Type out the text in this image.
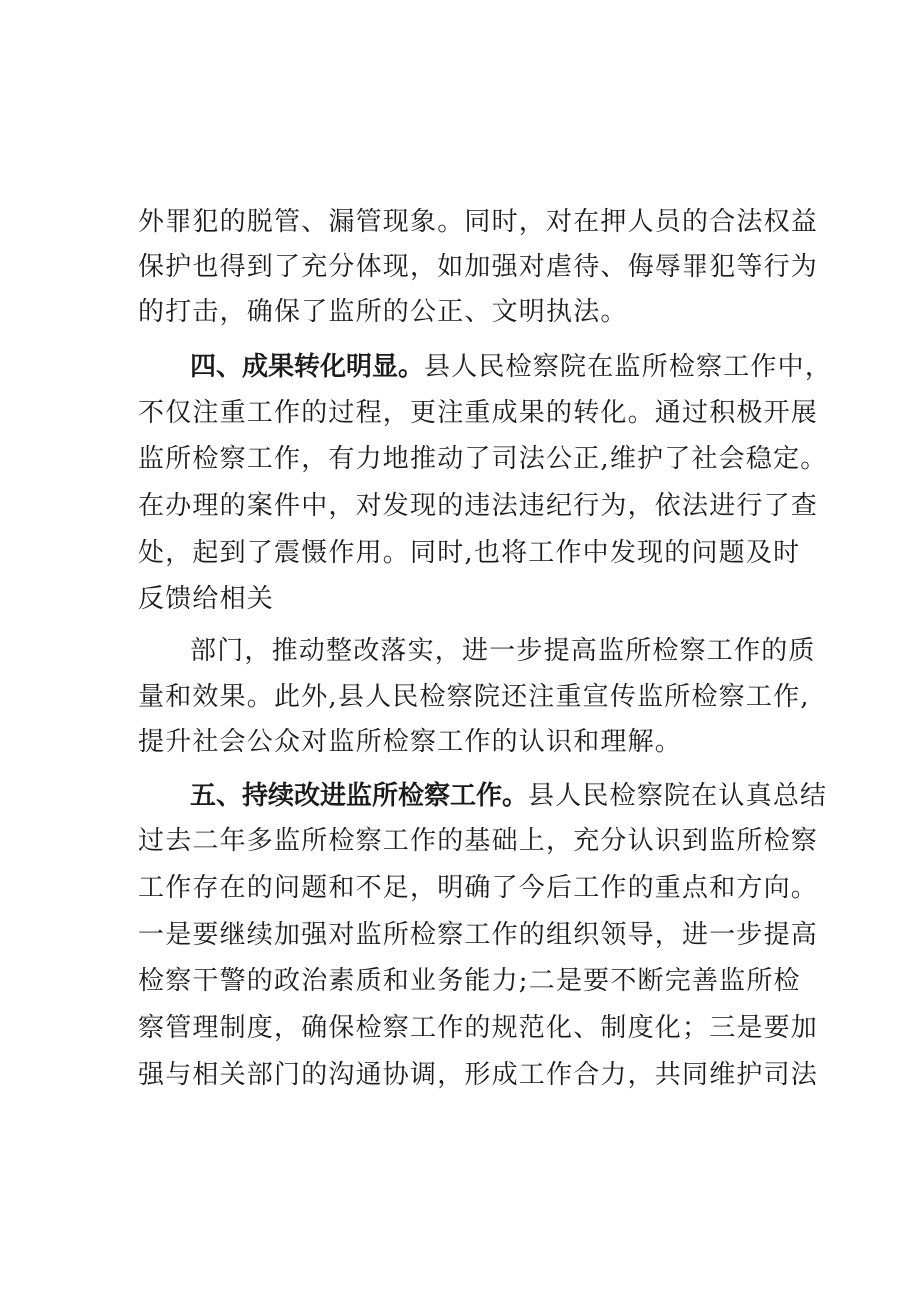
外罪犯的脱管、漏管现象。同时，对在押人员的合法权益
保护也得到了充分体现，如加强对虐待、侮辱罪犯等行为
的打击，确保了监所的公正、文明执法。
四、成果转化明显。县人民检察院在监所检察工作中，
不仅注重工作的过程，更注重成果的转化。通过积极开展
监所检察工作，有力地推动了司法公正,维护了社会稳定。
在办理的案件中，对发现的违法违纪行为，依法进行了查
处，起到了震慑作用。同时,也将工作中发现的问题及时
反馈给相关
部门，推动整改落实，进一步提高监所检察工作的质
量和效果。此外,县人民检察院还注重宣传监所检察工作,
提升社会公众对监所检察工作的认识和理解。
五、持续改进监所检察工作。县人民检察院在认真总结
过去二年多监所检察工作的基础上，充分认识到监所检察
工作存在的问题和不足，明确了今后工作的重点和方向。
一是要继续加强对监所检察工作的组织领导，进一步提高
检察干警的政治素质和业务能力;二是要不断完善监所检
察管理制度，确保检察工作的规范化、制度化；三是要加
强与相关部门的沟通协调，形成工作合力，共同维护司法
